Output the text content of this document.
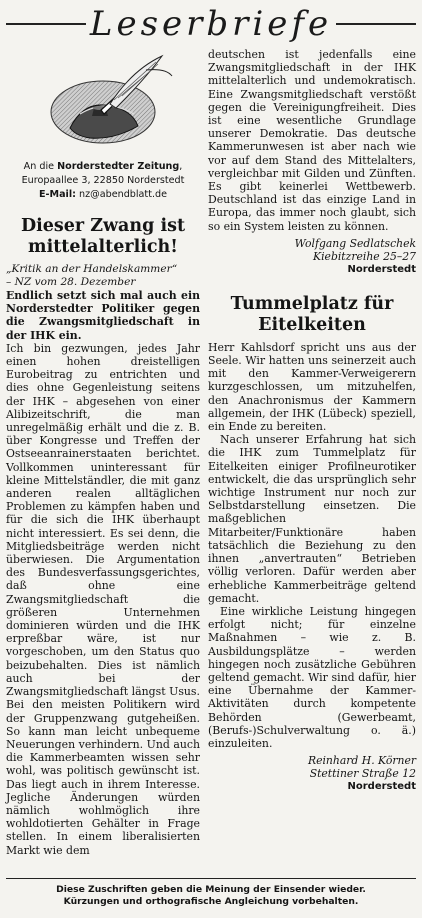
Leserbriefe
An die Norderstedter Zeitung,
Europaallee 3, 22850 Norderstedt
E-Mail: nz@abendblatt.de
Dieser Zwang ist mittelalterlich!
„Kritik an der Handelskammer“
– NZ vom 28. Dezember

Endlich setzt sich mal auch ein Norderstedter Politiker gegen die Zwangsmitgliedschaft in der IHK ein.

Ich bin gezwungen, jedes Jahr einen hohen dreistelligen Eurobeitrag zu entrichten und dies ohne Gegenleistung seitens der IHK – abgesehen von einer Alibizeitschrift, die man unregelmäßig erhält und die z. B. über Kongresse und Treffen der Ostseeanrainerstaaten berichtet. Vollkommen uninteressant für kleine Mittelständler, die mit ganz anderen realen alltäglichen Problemen zu kämpfen haben und für die sich die IHK überhaupt nicht interessiert. Es sei denn, die Mitgliedsbeiträge werden nicht überwiesen. Die Argumentation des Bundesverfassungsgerichtes, daß ohne eine Zwangsmitgliedschaft die größeren Unternehmen dominieren würden und die IHK erpreßbar wäre, ist nur vorgeschoben, um den Status quo beizubehalten. Dies ist nämlich auch bei der Zwangsmitgliedschaft längst Usus. Bei den meisten Politikern wird der Gruppenzwang gutgeheißen. So kann man leicht unbequeme Neuerungen verhindern. Und auch die Kammerbeamten wissen sehr wohl, was politisch gewünscht ist. Das liegt auch in ihrem Interesse. Jegliche Änderungen würden nämlich wohlmöglich ihre wohldotierten Gehälter in Frage stellen. In einem liberalisierten Markt wie dem

deutschen ist jedenfalls eine Zwangsmitgliedschaft in der IHK mittelalterlich und undemokratisch. Eine Zwangsmitgliedschaft verstößt gegen die Vereinigungfreiheit. Dies ist eine wesentliche Grundlage unserer Demokratie. Das deutsche Kammerunwesen ist aber nach wie vor auf dem Stand des Mittelalters, vergleichbar mit Gilden und Zünften. Es gibt keinerlei Wettbewerb. Deutschland ist das einzige Land in Europa, das immer noch glaubt, sich so ein System leisten zu können.

Wolfgang Sedlatschek
Kiebitzreihe 25–27
Norderstedt
Tummelplatz für Eitelkeiten

Herr Kahlsdorf spricht uns aus der Seele. Wir hatten uns seinerzeit auch mit den Kammer-Verweigerern kurzgeschlossen, um mitzuhelfen, den Anachronismus der Kammern allgemein, der IHK (Lübeck) speziell, ein Ende zu bereiten.

Nach unserer Erfahrung hat sich die IHK zum Tummelplatz für Eitelkeiten einiger Profilneurotiker entwickelt, die das ursprünglich sehr wichtige Instrument nur noch zur Selbstdarstellung einsetzen. Die maßgeblichen Mitarbeiter/Funktionäre haben tatsächlich die Beziehung zu den ihnen „anvertrauten“ Betrieben völlig verloren. Dafür werden aber erhebliche Kammerbeiträge geltend gemacht.

Eine wirkliche Leistung hingegen erfolgt nicht; für einzelne Maßnahmen – wie z. B. Ausbildungsplätze – werden hingegen noch zusätzliche Gebühren geltend gemacht. Wir sind dafür, hier eine Übernahme der Kammer-Aktivitäten durch kompetente Behörden (Gewerbeamt, (Berufs-)Schulverwaltung o. ä.) einzuleiten.

Reinhard H. Körner
Stettiner Straße 12
Norderstedt
Diese Zuschriften geben die Meinung der Einsender wieder.
Kürzungen und orthografische Angleichung vorbehalten.
